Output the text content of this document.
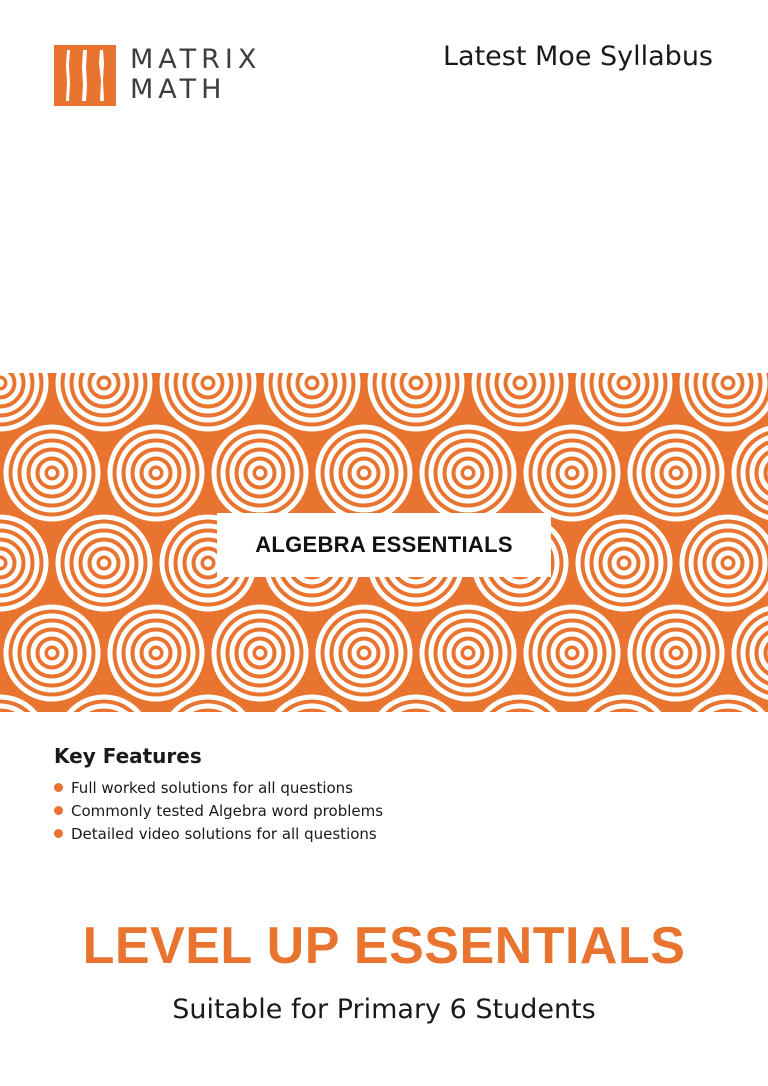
MATRIX
MATH
Latest Moe Syllabus
ALGEBRA ESSENTIALS
Key Features
Full worked solutions for all questions
Commonly tested Algebra word problems
Detailed video solutions for all questions
LEVEL UP ESSENTIALS
Suitable for Primary 6 Students
